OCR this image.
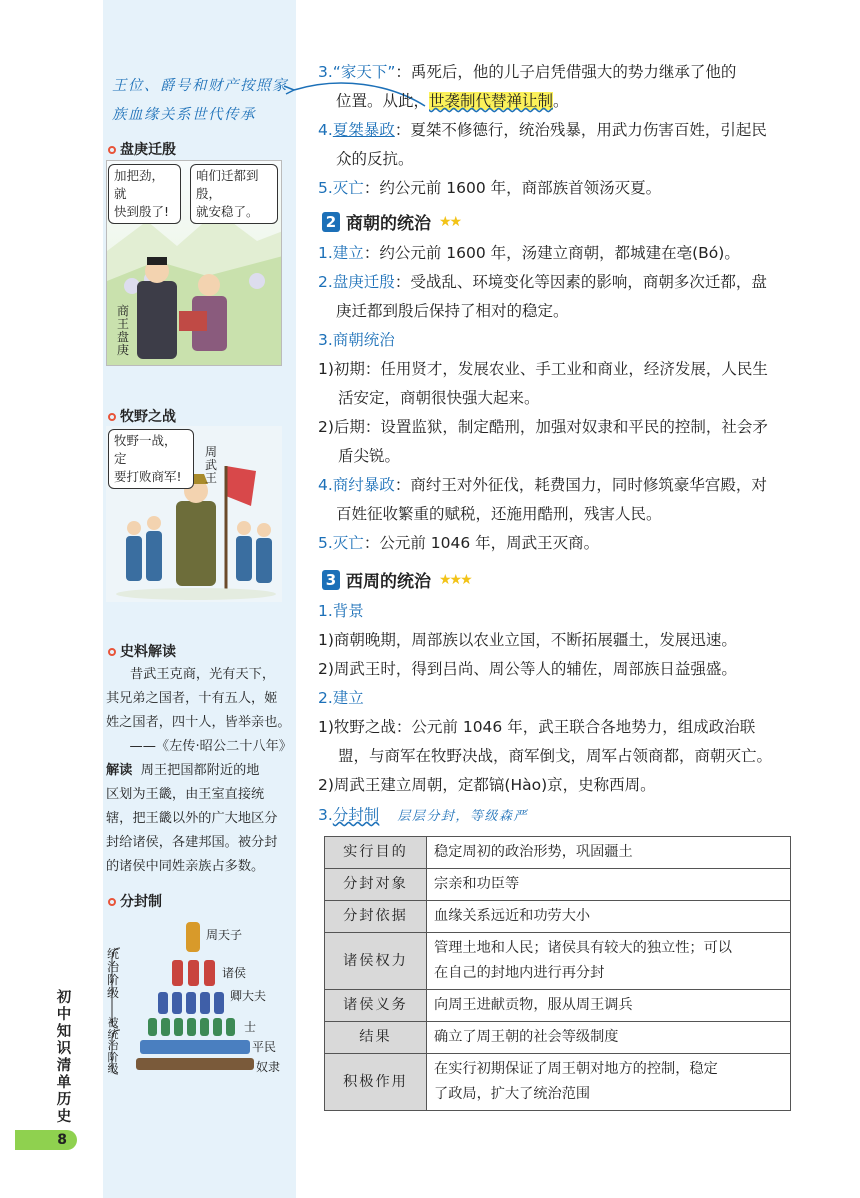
王位、爵号和财产按照家
族血缘关系世代传承
盘庚迁殷
加把劲，就
快到殷了!
咱们迁都到殷，
就安稳了。
商王盘庚
牧野之战
牧野一战，定
要打败商军!
周武王
史料解读

昔武王克商，光有天下，

其兄弟之国者，十有五人，姬

姓之国者，四十人，皆举亲也。

——《左传·昭公二十八年》

解读 周王把国都附近的地

区划为王畿，由王室直接统

辖，把王畿以外的广大地区分

封给诸侯，各建邦国。被分封

的诸侯中同姓亲族占多数。

分封制
统治阶级
被统治阶级
周天子
诸侯
卿大夫
士
平民
奴隶
初中知识清单历史
8
3.“家天下”：禹死后，他的儿子启凭借强大的势力继承了他的
位置。从此，世袭制代替禅让制。
4.夏桀暴政：夏桀不修德行，统治残暴，用武力伤害百姓，引起民
众的反抗。
5.灭亡：约公元前 1600 年，商部族首领汤灭夏。
2 商朝的统治 ★★
1.建立：约公元前 1600 年，汤建立商朝，都城建在亳(Bó)。
2.盘庚迁殷：受战乱、环境变化等因素的影响，商朝多次迁都，盘
庚迁都到殷后保持了相对的稳定。
3.商朝统治
1)初期：任用贤才，发展农业、手工业和商业，经济发展，人民生
活安定，商朝很快强大起来。
2)后期：设置监狱，制定酷刑，加强对奴隶和平民的控制，社会矛
盾尖锐。
4.商纣暴政：商纣王对外征伐，耗费国力，同时修筑豪华宫殿，对
百姓征收繁重的赋税，还施用酷刑，残害人民。
5.灭亡：公元前 1046 年，周武王灭商。
3 西周的统治 ★★★
1.背景
1)商朝晚期，周部族以农业立国，不断拓展疆土，发展迅速。
2)周武王时，得到吕尚、周公等人的辅佐，周部族日益强盛。
2.建立
1)牧野之战：公元前 1046 年，武王联合各地势力，组成政治联
盟，与商军在牧野决战，商军倒戈，周军占领商都，商朝灭亡。
2)周武王建立周朝，定都镐(Hào)京，史称西周。
3.分封制 层层分封，等级森严
实行目的	稳定周初的政治形势，巩固疆土

分封对象	宗亲和功臣等

分封依据	血缘关系远近和功劳大小

诸侯权力	管理土地和人民；诸侯具有较大的独立性；可以
在自己的封地内进行再分封

诸侯义务	向周王进献贡物，服从周王调兵

结果	确立了周王朝的社会等级制度

积极作用	在实行初期保证了周王朝对地方的控制，稳定
了政局，扩大了统治范围
